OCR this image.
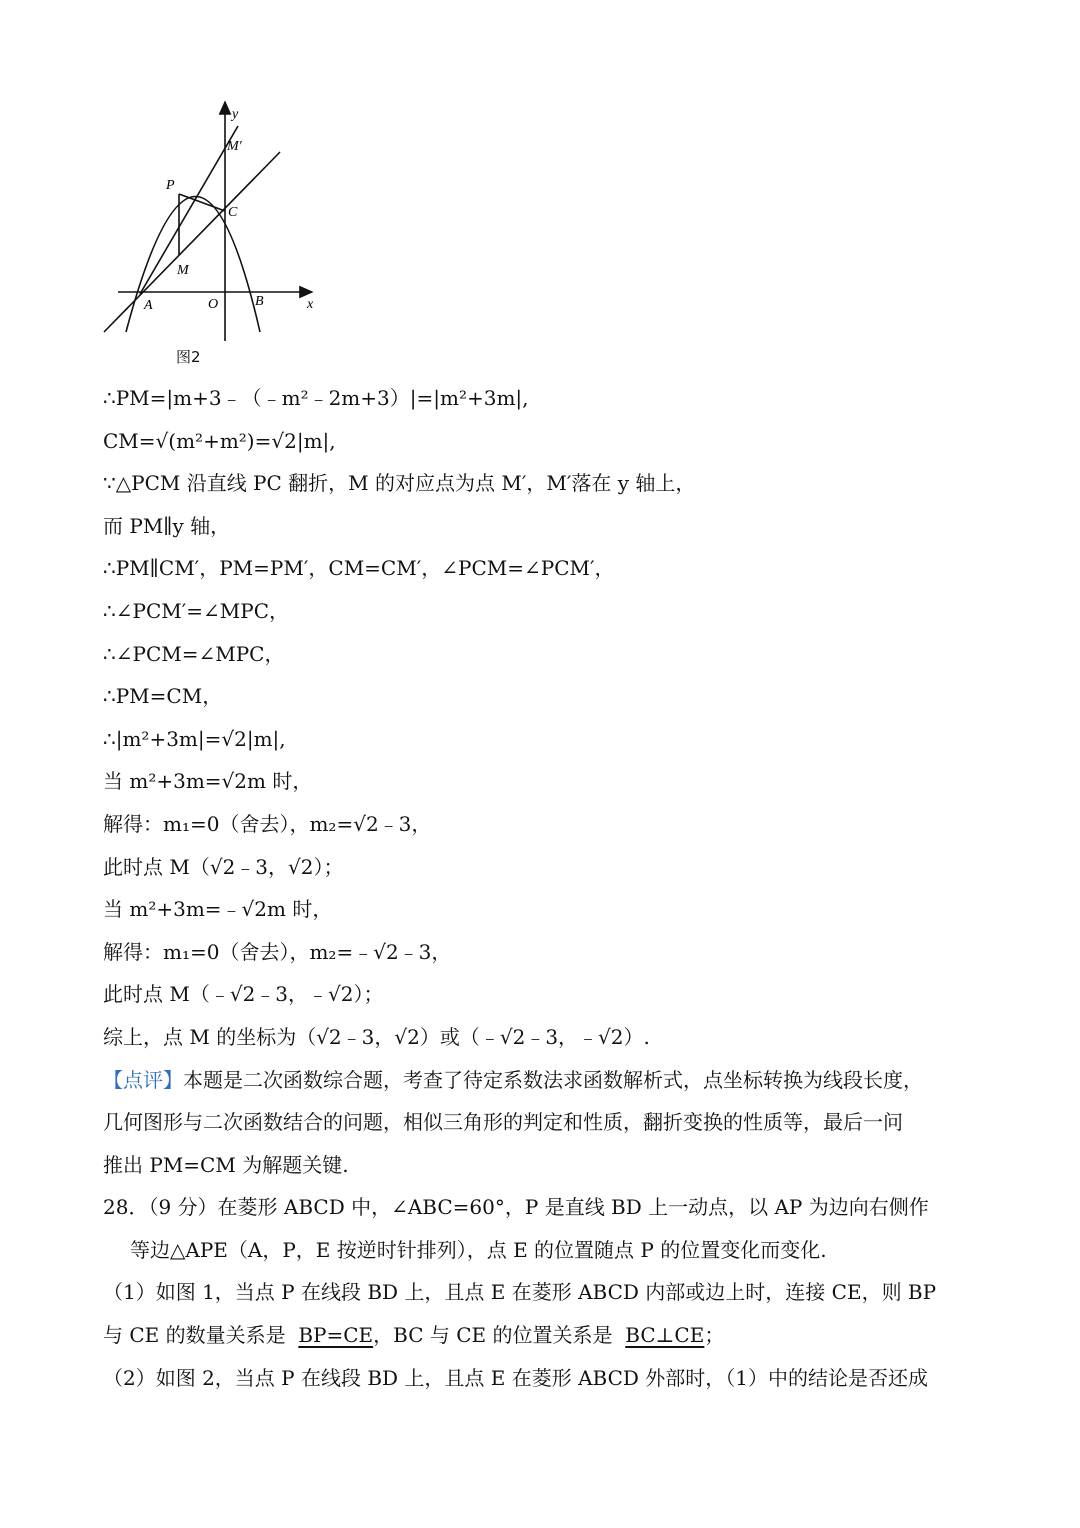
y
M′
P
C
M
A	O	B	x
图2
∴PM=|m+3﹣（﹣m²﹣2m+3）|=|m²+3m|,
CM=√(m²+m²)=√2|m|,
∵△PCM 沿直线 PC 翻折，M 的对应点为点 M′，M′落在 y 轴上，
而 PM∥y 轴，
∴PM∥CM′，PM=PM′，CM=CM′，∠PCM=∠PCM′，
∴∠PCM′=∠MPC，
∴∠PCM=∠MPC，
∴PM=CM，
∴|m²+3m|=√2|m|,
当 m²+3m=√2m 时，
解得：m₁=0（舍去），m₂=√2﹣3，
此时点 M（√2﹣3，√2）；
当 m²+3m=﹣√2m 时，
解得：m₁=0（舍去），m₂=﹣√2﹣3，
此时点 M（﹣√2﹣3，﹣√2）；
综上，点 M 的坐标为（√2﹣3，√2）或（﹣√2﹣3，﹣√2）.
【点评】本题是二次函数综合题，考查了待定系数法求函数解析式，点坐标转换为线段长度，
几何图形与二次函数结合的问题，相似三角形的判定和性质，翻折变换的性质等，最后一问
推出 PM=CM 为解题关键.
28．（9 分）在菱形 ABCD 中，∠ABC=60°，P 是直线 BD 上一动点，以 AP 为边向右侧作
等边△APE（A，P，E 按逆时针排列），点 E 的位置随点 P 的位置变化而变化.
（1）如图 1，当点 P 在线段 BD 上，且点 E 在菱形 ABCD 内部或边上时，连接 CE，则 BP
与 CE 的数量关系是 BP=CE，BC 与 CE 的位置关系是 BC⊥CE；
（2）如图 2，当点 P 在线段 BD 上，且点 E 在菱形 ABCD 外部时，（1）中的结论是否还成
